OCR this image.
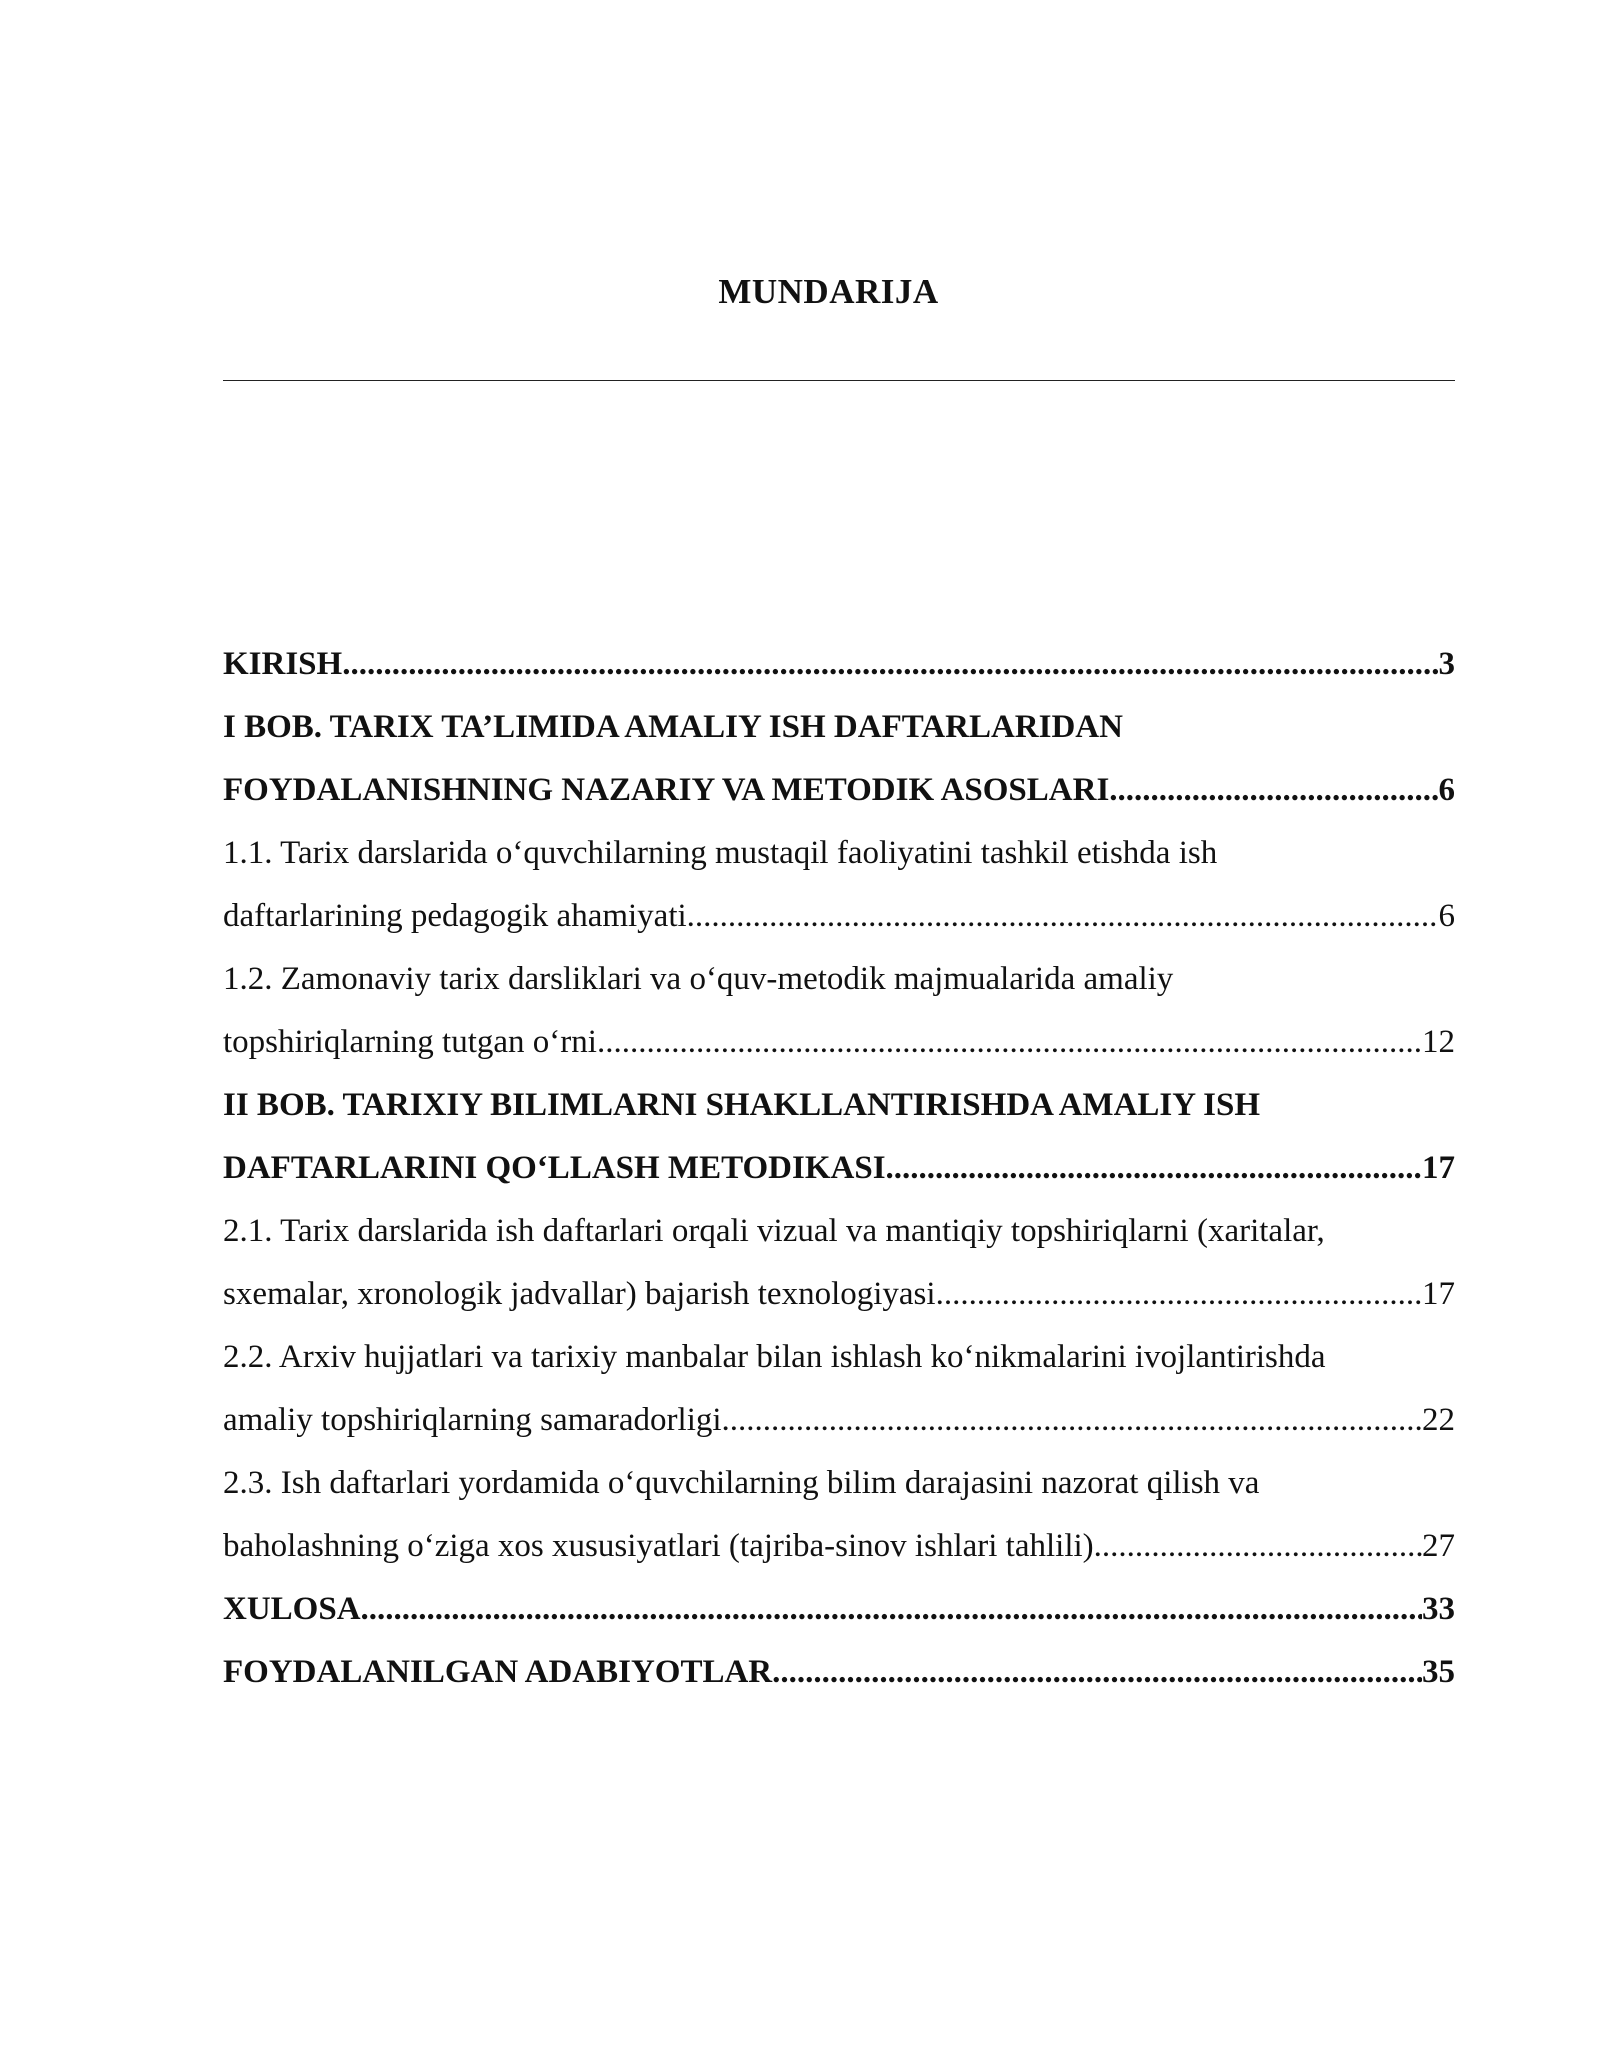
MUNDARIJA
KIRISH .....	3
I BOB. TARIX TA’LIMIDA AMALIY ISH DAFTARLARIDAN
FOYDALANISHNING NAZARIY VA METODIK ASOSLARI .....	6
1.1. Tarix darslarida o‘quvchilarning mustaqil faoliyatini tashkil etishda ish
daftarlarining pedagogik ahamiyati .....	6
1.2. Zamonaviy tarix darsliklari va o‘quv-metodik majmualarida amaliy
topshiriqlarning tutgan o‘rni .....	12
II BOB. TARIXIY BILIMLARNI SHAKLLANTIRISHDA AMALIY ISH
DAFTARLARINI QO‘LLASH METODIKASI .....	17
2.1. Tarix darslarida ish daftarlari orqali vizual va mantiqiy topshiriqlarni (xaritalar,
sxemalar, xronologik jadvallar) bajarish texnologiyasi .....	17
2.2. Arxiv hujjatlari va tarixiy manbalar bilan ishlash ko‘nikmalarini ivojlantirishda
amaliy topshiriqlarning samaradorligi .....	22
2.3. Ish daftarlari yordamida o‘quvchilarning bilim darajasini nazorat qilish va
baholashning o‘ziga xos xususiyatlari (tajriba-sinov ishlari tahlili) .....	27
XULOSA .....	33
FOYDALANILGAN ADABIYOTLAR .....	35
